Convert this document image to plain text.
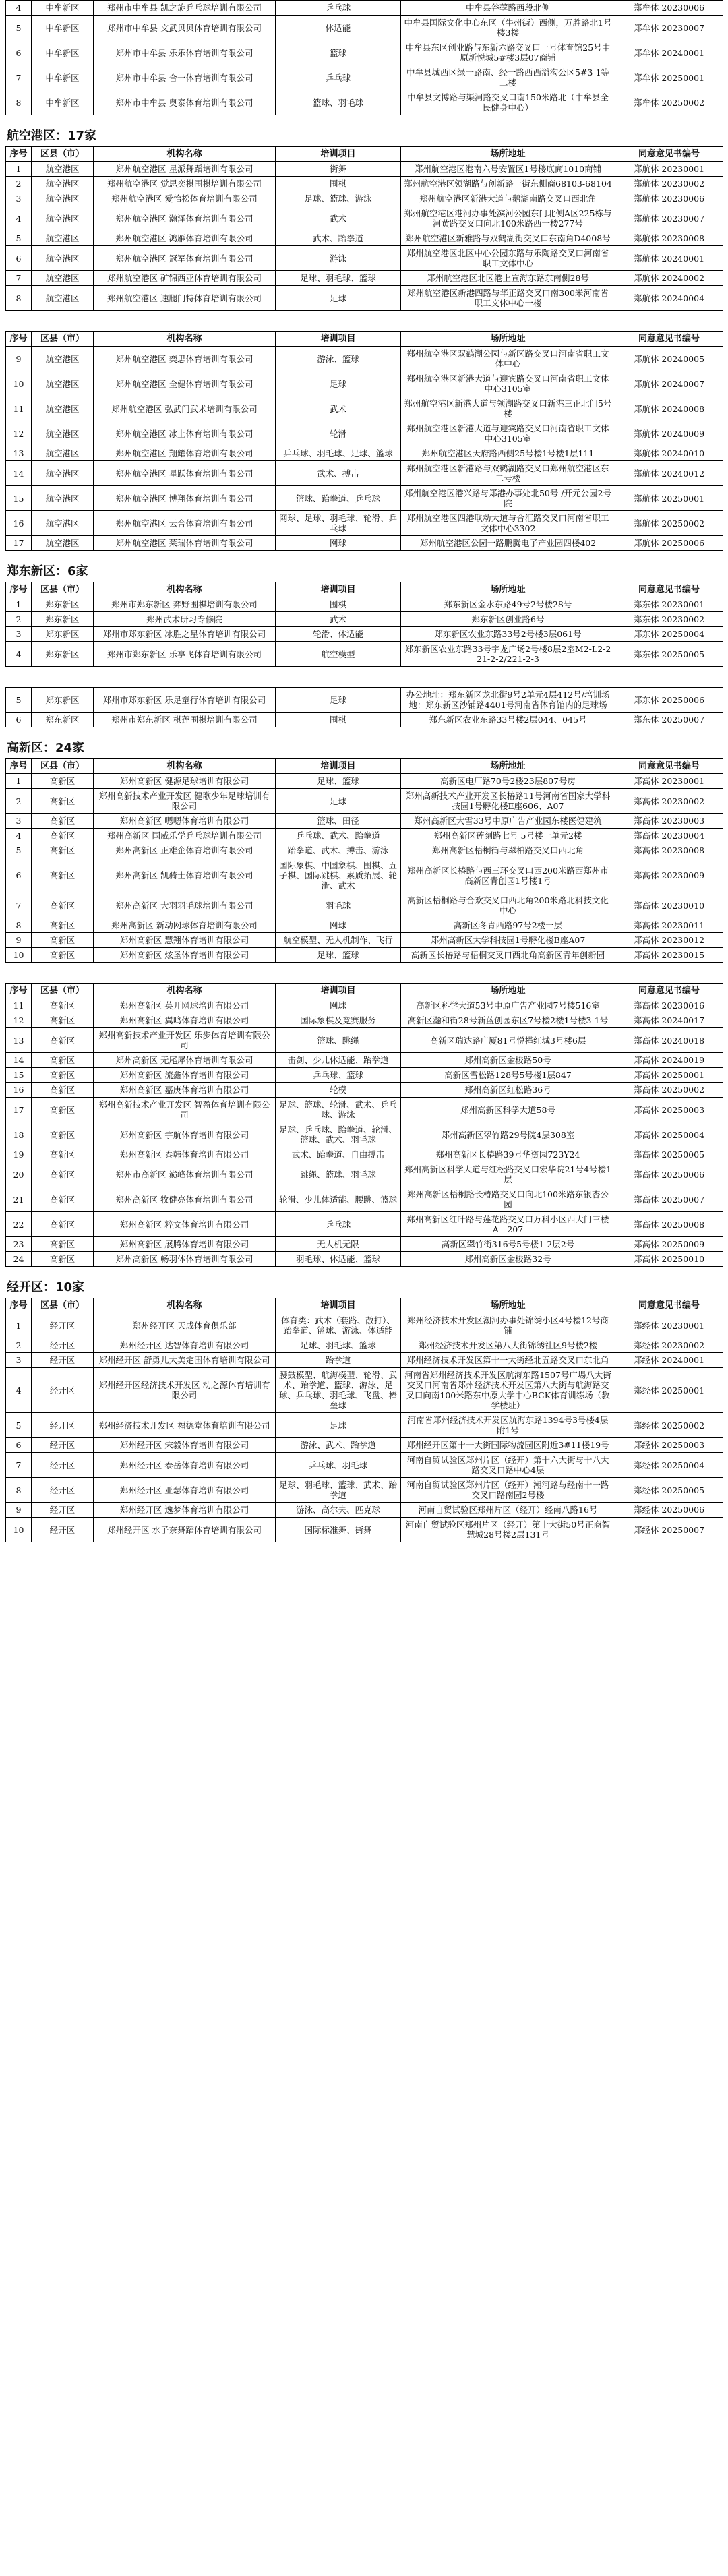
4	中牟新区	郑州市中牟县 凯之旋乒乓球培训有限公司	乒乓球	中牟县谷荸路西段北侧	郑牟体 20230006
5	中牟新区	郑州市中牟县 文武贝贝体育培训有限公司	体适能	中牟县国际文化中心东区（牛州街）西侧，万胜路北1号楼3楼	郑牟体 20230007
6	中牟新区	郑州市中牟县 乐乐体育培训有限公司	篮球	中牟县东区创业路与东新六路交叉口一号体育馆25号中原新悦城5#楼3层07商铺	郑牟体 20240001
7	中牟新区	郑州市中牟县 合一体育培训有限公司	乒乓球	中牟县城西区绿一路南、经一路西西溢沟公区5#3-1等二楼	郑牟体 20250001
8	中牟新区	郑州市中牟县 奥泰体育培训有限公司	篮球、羽毛球	中牟县文博路与渠河路交叉口南150米路北（中牟县全民健身中心）	郑牟体 20250002
航空港区：17家
序号	区县（市）	机构名称	培训项目	场所地址	同意意见书编号
1	航空港区	郑州航空港区 星派舞蹈培训有限公司	街舞	郑州航空港区港南六号安置区1号楼底商1010商铺	郑航体 20230001
2	航空港区	郑州航空港区 觉思奕棋围棋培训有限公司	围棋	郑州航空港区领湖路与创新路一街东侧商68103-68104	郑航体 20230002
3	航空港区	郑州航空港区 爱怡松体育培训有限公司	足球、篮球、游泳	郑州航空港区新港大道与鹅湖南路交叉口西北角	郑航体 20230006
4	航空港区	郑州航空港区 瀚泽体育培训有限公司	武术	郑州航空港区港河办事处滨河公园东门北侧A区225栋与河黄路交叉口向北100米路西一楼277号	郑航体 20230007
5	航空港区	郑州航空港区 鸿雁体育培训有限公司	武术、跆拳道	郑州航空港区新雅路与双鹤湖街交叉口东南角D4008号	郑航体 20230008
6	航空港区	郑州航空港区 冠军体育培训有限公司	游泳	郑州航空港区北区中心公园东路与乐陶路交叉口河南省职工文体中心	郑航体 20240001
7	航空港区	郑州航空港区 矿锦西亚体育培训有限公司	足球、羽毛球、篮球	郑州航空港区北区港上宣海东路东南侧28号	郑航体 20240002
8	航空港区	郑州航空港区 速腿门特体育培训有限公司	足球	郑州航空港区新港四路与华正路交叉口南300米河南省职工文体中心一楼	郑航体 20240004
序号	区县（市）	机构名称	培训项目	场所地址	同意意见书编号
9	航空港区	郑州航空港区 奕思体育培训有限公司	游泳、篮球	郑州航空港区双鹤湖公园与新区路交叉口河南省职工文体中心	郑航体 20240005
10	航空港区	郑州航空港区 全健体育培训有限公司	足球	郑州航空港区新港大道与迎宾路交叉口河南省职工文体中心3105室	郑航体 20240007
11	航空港区	郑州航空港区 弘武门武术培训有限公司	武术	郑州航空港区新港大道与领湖路交叉口新港三正北门5号楼	郑航体 20240008
12	航空港区	郑州航空港区 冰上体育培训有限公司	轮滑	郑州航空港区新港大道与迎宾路交叉口河南省职工文体中心3105室	郑航体 20240009
13	航空港区	郑州航空港区 翔耀体育培训有限公司	乒乓球、羽毛球、足球、篮球	郑州航空港区天府路西侧25号楼1号楼1层111	郑航体 20240010
14	航空港区	郑州航空港区 星跃体育培训有限公司	武术、搏击	郑州航空港区新港路与双鹤湖路交叉口郑州航空港区东二号楼	郑航体 20240012
15	航空港区	郑州航空港区 博翔体育培训有限公司	篮球、跆拳道、乒乓球	郑州航空港区港兴路与郑港办事处北50号 /开元公园2号院	郑航体 20250001
16	航空港区	郑州航空港区 云合体育培训有限公司	网球、足球、羽毛球、轮滑、乒乓球	郑州航空港区四港联动大道与合汇路交叉口河南省职工文体中心3302	郑航体 20250002
17	航空港区	郑州航空港区 莱瑞体育培训有限公司	网球	郑州航空港区公园一路鹏腾电子产业园四楼402	郑航体 20250006
郑东新区：6家
序号	区县（市）	机构名称	培训项目	场所地址	同意意见书编号
1	郑东新区	郑州市郑东新区 弈野围棋培训有限公司	围棋	郑东新区金水东路49号2号楼28号	郑东体 20230001
2	郑东新区	郑州武术研习专修院	武术	郑东新区创业路6号	郑东体 20230002
3	郑东新区	郑州市郑东新区 冰胜之星体育培训有限公司	轮滑、体适能	郑东新区农业东路33号2号楼3层061号	郑东体 20250004
4	郑东新区	郑州市郑东新区 乐享飞体育培训有限公司	航空模型	郑东新区农业东路33号宇龙广场2号楼8层2室M2-L2-221-2-2/221-2-3	郑东体 20250005
5	郑东新区	郑州市郑东新区 乐足童行体育培训有限公司	足球	办公地址：郑东新区龙北街9号2单元4层412号/培训场地：郑东新区沙铺路4401号河南省体育馆内的足球场	郑东体 20250006
6	郑东新区	郑州市郑东新区 棋莲围棋培训有限公司	围棋	郑东新区农业东路33号楼2层044、045号	郑东体 20250007
高新区：24家
序号	区县（市）	机构名称	培训项目	场所地址	同意意见书编号
1	高新区	郑州高新区 健源足球培训有限公司	足球、篮球	高新区电厂路70号2楼23层807号房	郑高体 20230001
2	高新区	郑州高新技术产业开发区 健歌少年足球培训有限公司	足球	郑州高新技术产业开发区长椿路11号河南省国家大学科技园1号孵化楼E座606、A07	郑高体 20230002
3	高新区	郑州高新区 嗯嗯体育培训有限公司	篮球、田径	郑州高新区大雪33号中原广告产业园东楼医健建筑	郑高体 20230003
4	高新区	郑州高新区 国威乐学乒乓球培训有限公司	乒乓球、武术、跆拳道	郑州高新区莲刻路七号 5号楼一单元2楼	郑高体 20230004
5	高新区	郑州高新区 正雄企体育培训有限公司	跆拳道、武术、搏击、游泳	郑州高新区梧桐街与翠柏路交叉口西北角	郑高体 20230008
6	高新区	郑州高新区 凯骑士体育培训有限公司	国际象棋、中国象棋、围棋、五子棋、国际跳棋、素质拓展、轮滑、武术	郑州高新区长椿路与西三环交叉口西200米路西郑州市高新区青创园1号楼1号	郑高体 20230009
7	高新区	郑州高新区 大羽羽毛球培训有限公司	羽毛球	高新区梧桐路与合欢交叉口西北角200米路北科技文化中心	郑高体 20230010
8	高新区	郑州高新区 新动网球体育培训有限公司	网球	高新区冬青西路97号2楼一层	郑高体 20230011
9	高新区	郑州高新区 慧翔体育培训有限公司	航空模型、无人机制作、飞行	郑州高新区大学科技园1号孵化楼B座A07	郑高体 20230012
10	高新区	郑州高新区 炫圣体育培训有限公司	足球、篮球	高新区长椿路与梧桐交叉口西北角高新区青年创新园	郑高体 20230015
序号	区县（市）	机构名称	培训项目	场所地址	同意意见书编号
11	高新区	郑州高新区 英开网球培训有限公司	网球	高新区科学大道53号中原广告产业园7号楼516室	郑高体 20230016
12	高新区	郑州高新区 翼鸣体育培训有限公司	国际象棋及竞赛服务	高新区瀚和街28号新蓝创园东区7号楼2楼1号楼3-1号	郑高体 20240017
13	高新区	郑州高新技术产业开发区 乐步体育培训有限公司	篮球、跳绳	高新区瑞达路广厦81号悦槿红城3号楼6层	郑高体 20240018
14	高新区	郑州高新区 无尾犀体育培训有限公司	击剑、少儿体适能、跆拳道	郑州高新区金梭路50号	郑高体 20240019
15	高新区	郑州高新区 流鑫体育培训有限公司	乒乓球、篮球	高新区雪松路128号5号楼1层847	郑高体 20250001
16	高新区	郑州高新区 嘉庚体育培训有限公司	轮模	郑州高新区红松路36号	郑高体 20250002
17	高新区	郑州高新技术产业开发区 智盈体育培训有限公司	足球、篮球、轮滑、武术、乒乓球、游泳	郑州高新区科学大道58号	郑高体 20250003
18	高新区	郑州高新区 宇航体育培训有限公司	足球、乒乓球、跆拳道、轮滑、篮球、武术、羽毛球	郑州高新区翠竹路29号院4层308室	郑高体 20250004
19	高新区	郑州高新区 泰韩体育培训有限公司	武术、跆拳道、自由搏击	郑州高新区长椿路39号华资园723Y24	郑高体 20250005
20	高新区	郑州市高新区 巅峰体育培训有限公司	跳绳、篮球、羽毛球	郑州高新区科学大道与红松路交叉口宏华院21号4号楼1层	郑高体 20250006
21	高新区	郑州高新区 牧健亮体育培训有限公司	轮滑、少儿体适能、腰跳、篮球	郑州高新区梧桐路长椿路交叉口向北100米路东银杏公园	郑高体 20250007
22	高新区	郑州高新区 粹文体育培训有限公司	乒乓球	郑州高新区红叶路与莲花路交叉口万科小区西大门三楼A—207	郑高体 20250008
23	高新区	郑州高新区 展腾体育培训有限公司	无人机无限	高新区翠竹街316号5号楼1-2层2号	郑高体 20250009
24	高新区	郑州高新区 畅羽体体育培训有限公司	羽毛球、体适能、篮球	郑州高新区金梭路32号	郑高体 20250010
经开区：10家
序号	区县（市）	机构名称	培训项目	场所地址	同意意见书编号
1	经开区	郑州经开区 天成体育俱乐部	体育类：武术（套路、散打）、跆拳道、篮球、游泳、体适能	郑州经济技术开发区潮河办事处锦绣小区4号楼12号商铺	郑经体 20230001
2	经开区	郑州经开区 达智体育培训有限公司	足球、羽毛球、篮球	郑州经济技术开发区第八大街锦绣社区9号楼2楼	郑经体 20230002
3	经开区	郑州经开区 舒勇儿大美定围体育培训有限公司	跆拳道	郑州经济技术开发区第十一大街经北五路交叉口东北角	郑经体 20240001
4	经开区	郑州经开区经济技术开发区 动之源体育培训有限公司	腰鼓模型、航海模型、轮滑、武术、跆拳道、篮球、游泳、足球、乒乓球、羽毛球、飞盘、棒垒球	河南省郑州经济技术开发区航海东路1507号广場八大街交叉口河南省郑州经济技术开发区第八大街与航海路交叉口向南100米路东中原大学中心BCK体育训练场（教学楼址）	郑经体 20250001
5	经开区	郑州经济技术开发区 福德堂体育培训有限公司	足球	河南省郑州经济技术开发区航海东路1394号3号楼4层附1号	郑经体 20250002
6	经开区	郑州经开区 宋毅体育培训有限公司	游泳、武术、跆拳道	郑州经开区第十一大街国际物流园区附近3#11楼19号	郑经体 20250003
7	经开区	郑州经开区 泰岳体育培训有限公司	乒乓球、羽毛球	河南自贸试验区郑州片区（经开）第十六大街与十八大路交叉口路中心4层	郑经体 20250004
8	经开区	郑州经开区 亚瑟体育培训有限公司	足球、羽毛球、篮球、武术、跆拳道	河南自贸试验区郑州片区（经开）潮河路与经南十一路交叉口路南园2号楼	郑经体 20250005
9	经开区	郑州经开区 逸梦体育培训有限公司	游泳、高尔夫、匹克球	河南自贸试验区郑州片区（经开）经南八路16号	郑经体 20250006
10	经开区	郑州经开区 水子奈舞蹈体育培训有限公司	国际标准舞、街舞	河南自贸试验区郑州片区（经开）第十大街50号正商智慧城28号楼2层131号	郑经体 20250007
